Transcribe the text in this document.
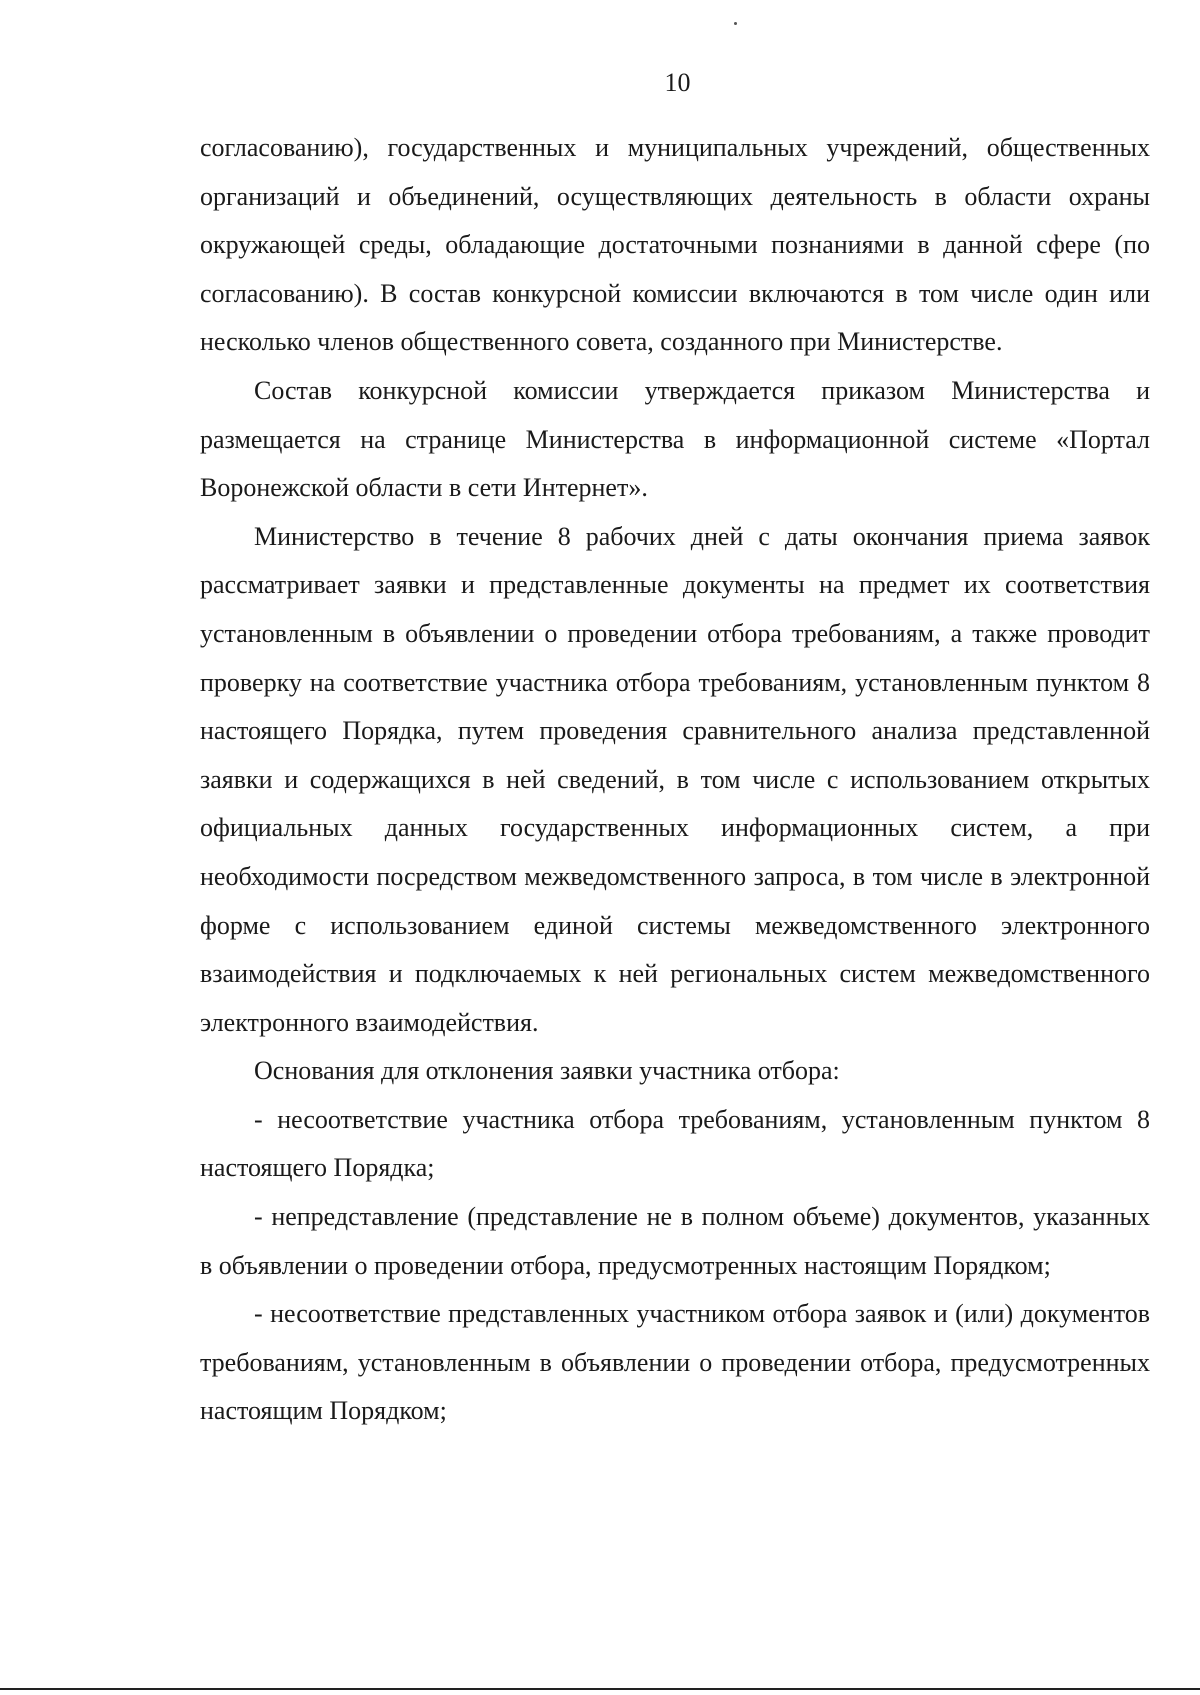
10

согласованию), государственных и муниципальных учреждений, общественных организаций и объединений, осуществляющих деятельность в области охраны окружающей среды, обладающие достаточными познаниями в данной сфере (по согласованию). В состав конкурсной комиссии включаются в том числе один или несколько членов общественного совета, созданного при Министерстве.

Состав конкурсной комиссии утверждается приказом Министерства и размещается на странице Министерства в информационной системе «Портал Воронежской области в сети Интернет».

Министерство в течение 8 рабочих дней с даты окончания приема заявок рассматривает заявки и представленные документы на предмет их соответствия установленным в объявлении о проведении отбора требованиям, а также проводит проверку на соответствие участника отбора требованиям, установленным пунктом 8 настоящего Порядка, путем проведения сравнительного анализа представленной заявки и содержащихся в ней сведений, в том числе с использованием открытых официальных данных государственных информационных систем, а при необходимости посредством межведомственного запроса, в том числе в электронной форме с использованием единой системы межведомственного электронного взаимодействия и подключаемых к ней региональных систем межведомственного электронного взаимодействия.

Основания для отклонения заявки участника отбора:

- несоответствие участника отбора требованиям, установленным пунктом 8 настоящего Порядка;

- непредставление (представление не в полном объеме) документов, указанных в объявлении о проведении отбора, предусмотренных настоящим Порядком;

- несоответствие представленных участником отбора заявок и (или) документов требованиям, установленным в объявлении о проведении отбора, предусмотренных настоящим Порядком;
